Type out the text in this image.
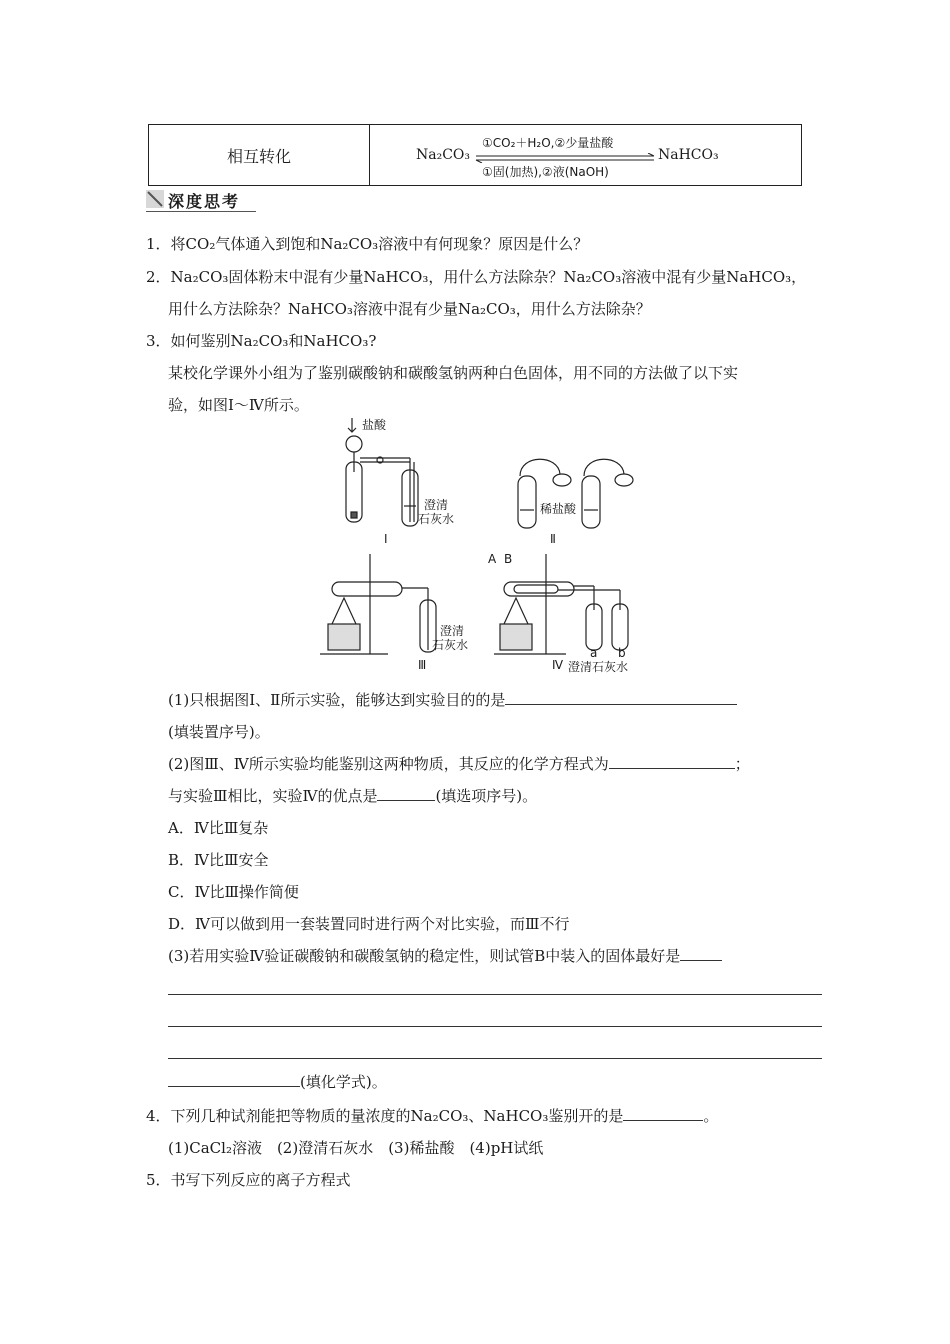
相互转化	Na₂CO₃
①CO₂＋H₂O,②少量盐酸
①固(加热),②液(NaOH)
NaHCO₃
深度思考
1．将CO₂气体通入到饱和Na₂CO₃溶液中有何现象？原因是什么？
2．Na₂CO₃固体粉末中混有少量NaHCO₃，用什么方法除杂？Na₂CO₃溶液中混有少量NaHCO₃，
用什么方法除杂？NaHCO₃溶液中混有少量Na₂CO₃，用什么方法除杂？
3．如何鉴别Na₂CO₃和NaHCO₃?
某校化学课外小组为了鉴别碳酸钠和碳酸氢钠两种白色固体，用不同的方法做了以下实
验，如图Ⅰ～Ⅳ所示。
盐酸
澄清
石灰水
稀盐酸
Ⅰ	Ⅱ
澄清
石灰水
Ⅲ
A B
a b
Ⅳ 澄清石灰水
(1)只根据图Ⅰ、Ⅱ所示实验，能够达到实验目的的是
(填装置序号)。
(2)图Ⅲ、Ⅳ所示实验均能鉴别这两种物质，其反应的化学方程式为	；
与实验Ⅲ相比，实验Ⅳ的优点是	(填选项序号)。
A．Ⅳ比Ⅲ复杂
B．Ⅳ比Ⅲ安全
C．Ⅳ比Ⅲ操作简便
D．Ⅳ可以做到用一套装置同时进行两个对比实验，而Ⅲ不行
(3)若用实验Ⅳ验证碳酸钠和碳酸氢钠的稳定性，则试管B中装入的固体最好是
(填化学式)。
4．下列几种试剂能把等物质的量浓度的Na₂CO₃、NaHCO₃鉴别开的是	。
(1)CaCl₂溶液　(2)澄清石灰水　(3)稀盐酸　(4)pH试纸
5．书写下列反应的离子方程式
